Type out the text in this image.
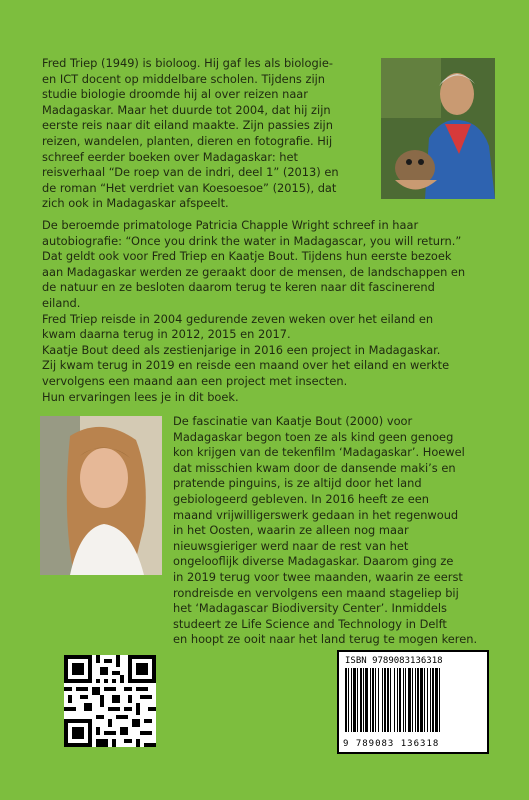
Fred Triep (1949) is bioloog. Hij gaf les als biologie-
en ICT docent op middelbare scholen. Tijdens zijn
studie biologie droomde hij al over reizen naar
Madagaskar. Maar het duurde tot 2004, dat hij zijn
eerste reis naar dit eiland maakte. Zijn passies zijn
reizen, wandelen, planten, dieren en fotografie. Hij
schreef eerder boeken over Madagaskar: het
reisverhaal “De roep van de indri, deel 1” (2013) en
de roman “Het verdriet van Koesoesoe” (2015), dat
zich ook in Madagaskar afspeelt.
De beroemde primatologe Patricia Chapple Wright schreef in haar
autobiografie: “Once you drink the water in Madagascar, you will return.”
Dat geldt ook voor Fred Triep en Kaatje Bout. Tijdens hun eerste bezoek
aan Madagaskar werden ze geraakt door de mensen, de landschappen en
de natuur en ze besloten daarom terug te keren naar dit fascinerend
eiland.
Fred Triep reisde in 2004 gedurende zeven weken over het eiland en
kwam daarna terug in 2012, 2015 en 2017.
Kaatje Bout deed als zestienjarige in 2016 een project in Madagaskar.
Zij kwam terug in 2019 en reisde een maand over het eiland en werkte
vervolgens een maand aan een project met insecten.
Hun ervaringen lees je in dit boek.
De fascinatie van Kaatje Bout (2000) voor
Madagaskar begon toen ze als kind geen genoeg
kon krijgen van de tekenfilm ‘Madagaskar’. Hoewel
dat misschien kwam door de dansende maki’s en
pratende pinguins, is ze altijd door het land
gebiologeerd gebleven. In 2016 heeft ze een
maand vrijwilligerswerk gedaan in het regenwoud
in het Oosten, waarin ze alleen nog maar
nieuwsgieriger werd naar de rest van het
ongelooflijk diverse Madagaskar. Daarom ging ze
in 2019 terug voor twee maanden, waarin ze eerst
rondreisde en vervolgens een maand stageliep bij
het ‘Madagascar Biodiversity Center’. Inmiddels
studeert ze Life Science and Technology in Delft
en hoopt ze ooit naar het land terug te mogen keren.
ISBN 9789083136318
9 789083 136318
